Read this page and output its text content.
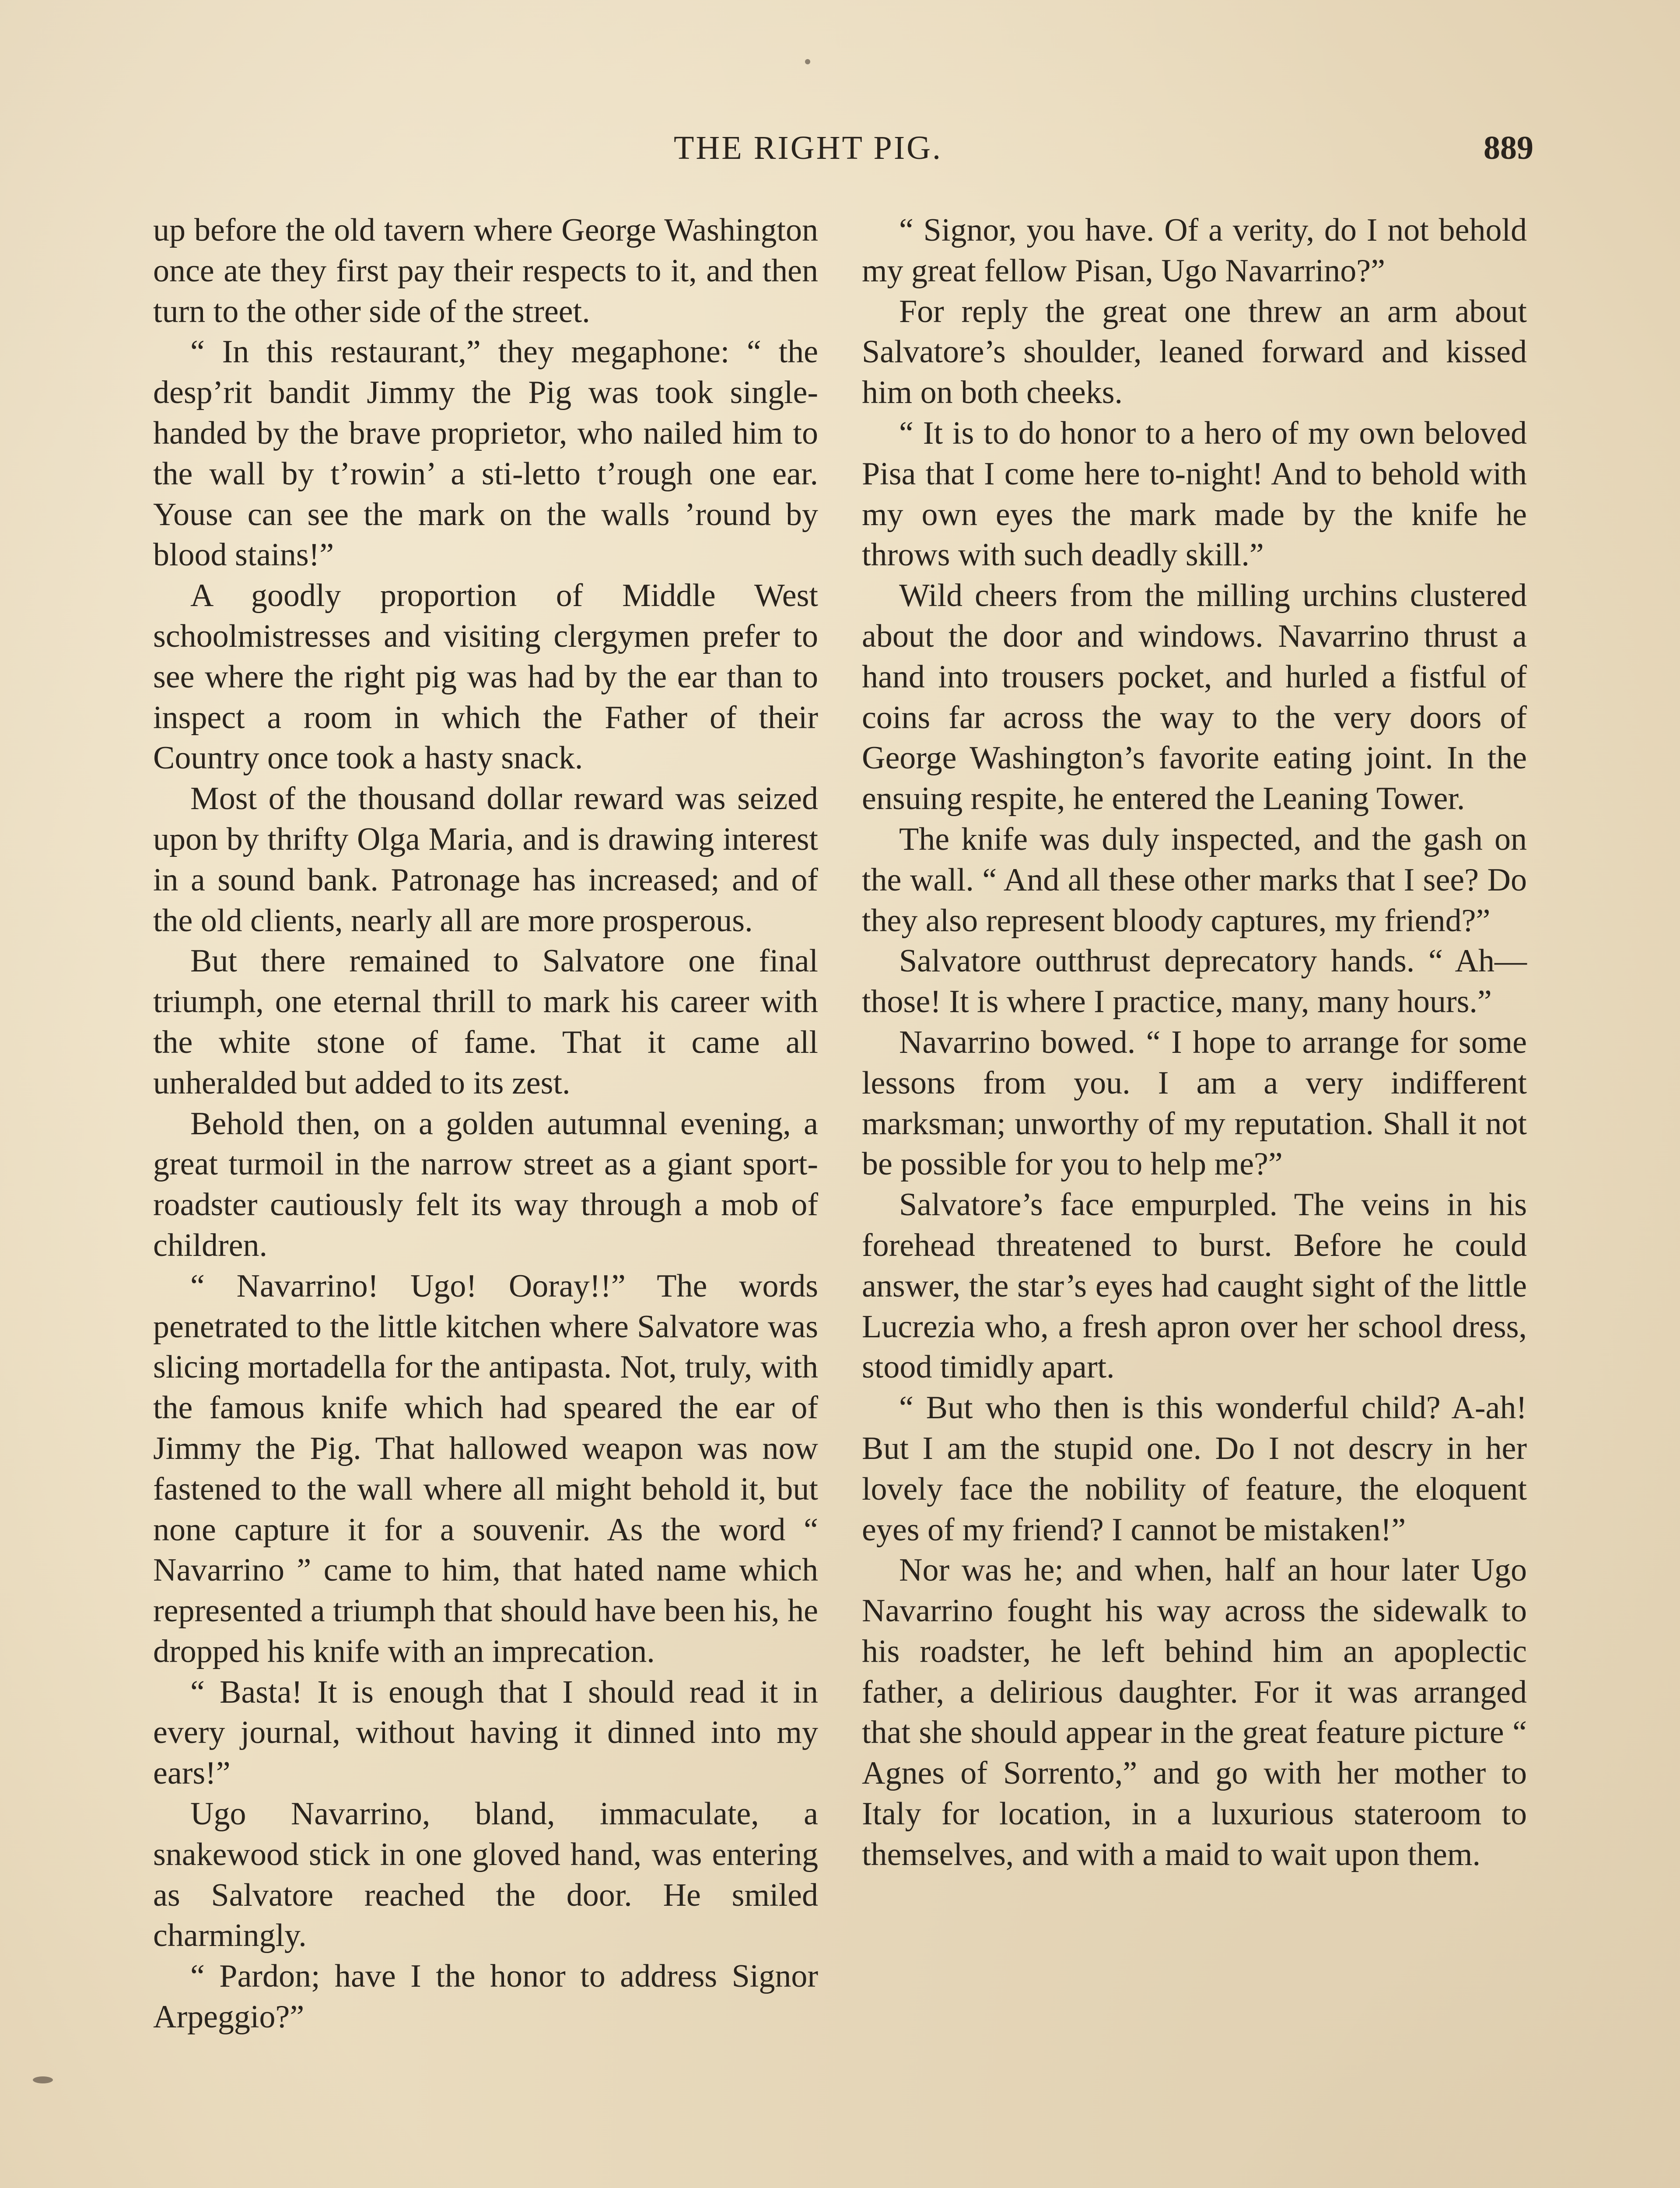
THE RIGHT PIG.	889

up before the old tavern where George Washington once ate they first pay their respects to it, and then turn to the other side of the street.

“ In this restaurant,” they megaphone: “ the desp’rit bandit Jimmy the Pig was took single-handed by the brave proprietor, who nailed him to the wall by t’rowin’ a sti-letto t’rough one ear. Youse can see the mark on the walls ’round by blood stains!”

A goodly proportion of Middle West schoolmistresses and visiting clergymen prefer to see where the right pig was had by the ear than to inspect a room in which the Father of their Country once took a hasty snack.

Most of the thousand dollar reward was seized upon by thrifty Olga Maria, and is drawing interest in a sound bank. Patronage has increased; and of the old clients, nearly all are more prosperous.

But there remained to Salvatore one final triumph, one eternal thrill to mark his career with the white stone of fame. That it came all unheralded but added to its zest.

Behold then, on a golden autumnal evening, a great turmoil in the narrow street as a giant sport-roadster cautiously felt its way through a mob of children.

“ Navarrino! Ugo! Ooray!!” The words penetrated to the little kitchen where Salvatore was slicing mortadella for the antipasta. Not, truly, with the famous knife which had speared the ear of Jimmy the Pig. That hallowed weapon was now fastened to the wall where all might behold it, but none capture it for a souvenir. As the word “ Navarrino ” came to him, that hated name which represented a triumph that should have been his, he dropped his knife with an imprecation.

“ Basta! It is enough that I should read it in every journal, without having it dinned into my ears!”

Ugo Navarrino, bland, immaculate, a snakewood stick in one gloved hand, was entering as Salvatore reached the door. He smiled charmingly.

“ Pardon; have I the honor to address Signor Arpeggio?”

“ Signor, you have. Of a verity, do I not behold my great fellow Pisan, Ugo Navarrino?”

For reply the great one threw an arm about Salvatore’s shoulder, leaned forward and kissed him on both cheeks.

“ It is to do honor to a hero of my own beloved Pisa that I come here to-night! And to behold with my own eyes the mark made by the knife he throws with such deadly skill.”

Wild cheers from the milling urchins clustered about the door and windows. Navarrino thrust a hand into trousers pocket, and hurled a fistful of coins far across the way to the very doors of George Washington’s favorite eating joint. In the ensuing respite, he entered the Leaning Tower.

The knife was duly inspected, and the gash on the wall. “ And all these other marks that I see? Do they also represent bloody captures, my friend?”

Salvatore outthrust deprecatory hands. “ Ah—those! It is where I practice, many, many hours.”

Navarrino bowed. “ I hope to arrange for some lessons from you. I am a very indifferent marksman; unworthy of my reputation. Shall it not be possible for you to help me?”

Salvatore’s face empurpled. The veins in his forehead threatened to burst. Before he could answer, the star’s eyes had caught sight of the little Lucrezia who, a fresh apron over her school dress, stood timidly apart.

“ But who then is this wonderful child? A-ah! But I am the stupid one. Do I not descry in her lovely face the nobility of feature, the eloquent eyes of my friend? I cannot be mistaken!”

Nor was he; and when, half an hour later Ugo Navarrino fought his way across the sidewalk to his roadster, he left behind him an apoplectic father, a delirious daughter. For it was arranged that she should appear in the great feature picture “ Agnes of Sorrento,” and go with her mother to Italy for location, in a luxurious stateroom to themselves, and with a maid to wait upon them.
